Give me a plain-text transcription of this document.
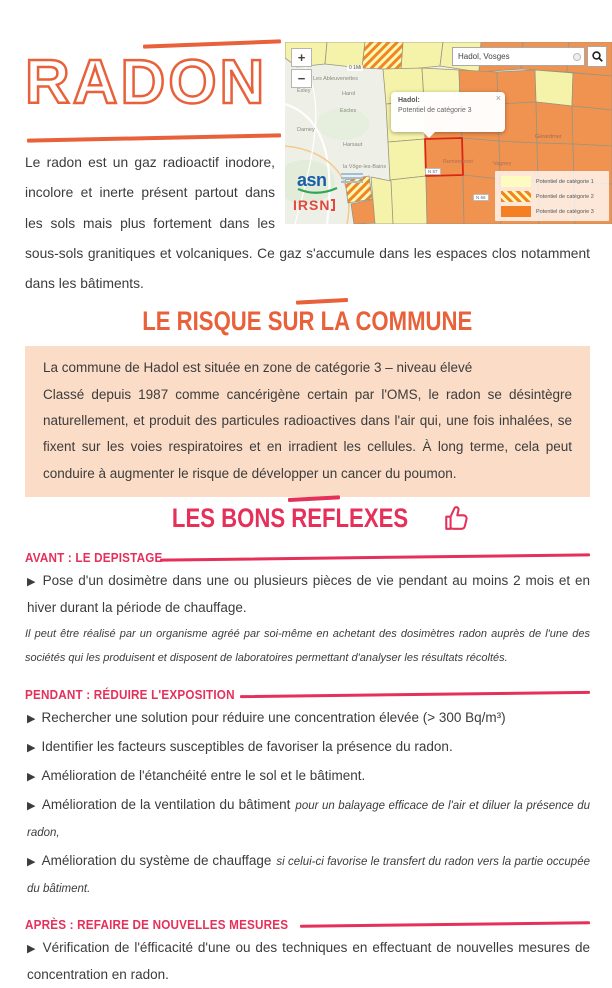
Esley
Les Ableuvenettes
Harol
Escles
Darney
Harsaut
la Vôge-les-Bains
Gérardmer
Remiremont	Vagney
N 57
N 66
0 1Mi
+
−
Hadol, Vosges
×
Hadol:
Potentiel de catégorie 3
asn
IRSN
Potentiel de catégorie 1
Potentiel de catégorie 2
Potentiel de catégorie 3
RADON

Le radon est un gaz radioactif inodore, incolore et inerte présent partout dans les sols mais plus fortement dans les sous-sols granitiques et volcaniques. Ce gaz s'accumule dans les espaces clos notamment dans les bâtiments.

LE RISQUE SUR LA COMMUNE

La commune de Hadol est située en zone de catégorie 3 – niveau élevé

Classé depuis 1987 comme cancérigène certain par l'OMS, le radon se désintègre naturellement, et produit des particules radioactives dans l'air qui, une fois inhalées, se fixent sur les voies respiratoires et en irradient les cellules. À long terme, cela peut conduire à augmenter le risque de développer un cancer du poumon.

LES BONS REFLEXES
AVANT : LE DEPISTAGE

▶ Pose d'un dosimètre dans une ou plusieurs pièces de vie pendant au moins 2 mois et en hiver durant la période de chauffage.

Il peut être réalisé par un organisme agréé par soi-même en achetant des dosimètres radon auprès de l'une des sociétés qui les produisent et disposent de laboratoires permettant d'analyser les résultats récoltés.

PENDANT : RÉDUIRE L'EXPOSITION

▶ Rechercher une solution pour réduire une concentration élevée (> 300 Bq/m³)

▶ Identifier les facteurs susceptibles de favoriser la présence du radon.

▶ Amélioration de l'étanchéité entre le sol et le bâtiment.

▶ Amélioration de la ventilation du bâtiment pour un balayage efficace de l'air et diluer la présence du radon,

▶ Amélioration du système de chauffage si celui-ci favorise le transfert du radon vers la partie occupée du bâtiment.

APRÈS : REFAIRE DE NOUVELLES MESURES

▶ Vérification de l'éfficacité d'une ou des techniques en effectuant de nouvelles mesures de concentration en radon.
